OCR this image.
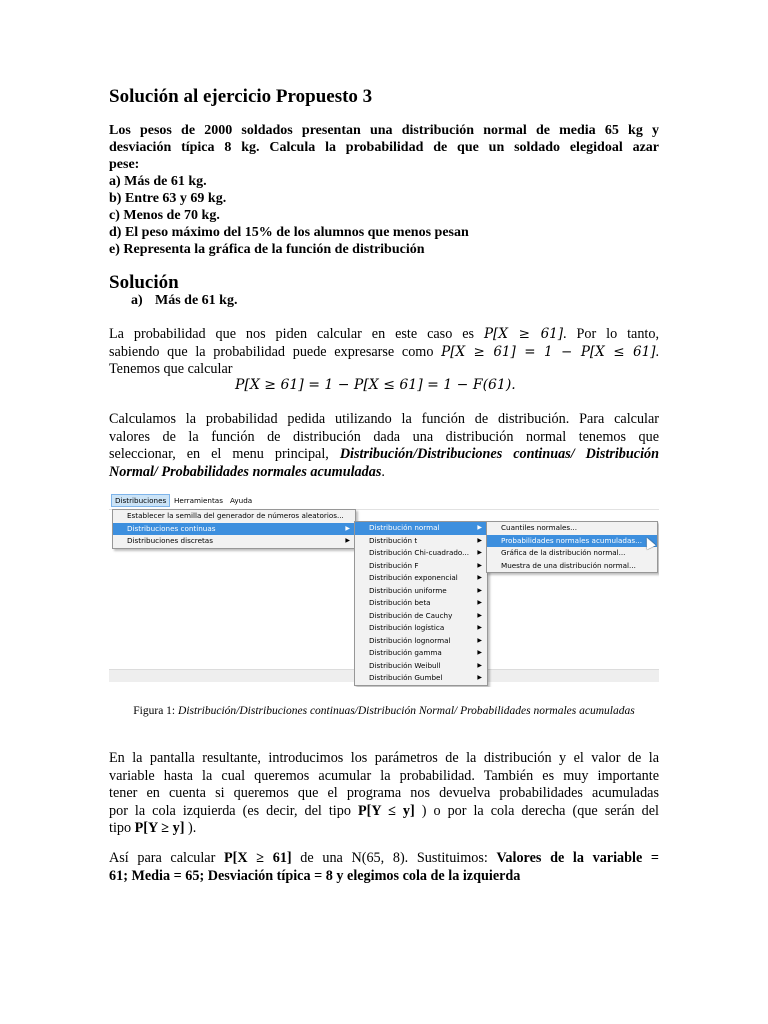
Solución al ejercicio Propuesto 3
Los pesos de 2000 soldados presentan una distribución normal de media 65 kg y
desviación típica 8 kg. Calcula la probabilidad de que un soldado elegidoal azar
pese:
a) Más de 61 kg.
b) Entre 63 y 69 kg.
c) Menos de 70 kg.
d) El peso máximo del 15% de los alumnos que menos pesan
e) Representa la gráfica de la función de distribución
Solución
a) Más de 61 kg.
La probabilidad que nos piden calcular en este caso es P[X ≥ 61]. Por lo tanto,
sabiendo que la probabilidad puede expresarse como P[X ≥ 61] = 1 − P[X ≤ 61].
Tenemos que calcular
P[X ≥ 61] = 1 − P[X ≤ 61] = 1 − F(61).
Calculamos la probabilidad pedida utilizando la función de distribución. Para calcular
valores de la función de distribución dada una distribución normal tenemos que
seleccionar, en el menu principal, Distribución/Distribuciones continuas/ Distribución
Normal/ Probabilidades normales acumuladas.
Distribuciones	Herramientas Ayuda
Establecer la semilla del generador de números aleatorios...
Distribuciones continuas	▶
Distribuciones discretas	▶
Distribución normal	▶
Distribución t	▶
Distribución Chi-cuadrado... ▶
Distribución F	▶
Distribución exponencial	▶
Distribución uniforme	▶
Distribución beta	▶
Distribución de Cauchy	▶
Distribución logística	▶
Distribución lognormal	▶
Distribución gamma	▶
Distribución Weibull	▶
Distribución Gumbel	▶
Cuantiles normales...
Probabilidades normales acumuladas...
Gráfica de la distribución normal...
Muestra de una distribución normal...
Figura 1: Distribución/Distribuciones continuas/Distribución Normal/ Probabilidades normales acumuladas
En la pantalla resultante, introducimos los parámetros de la distribución y el valor de la
variable hasta la cual queremos acumular la probabilidad. También es muy importante
tener en cuenta si queremos que el programa nos devuelva probabilidades acumuladas
por la cola izquierda (es decir, del tipo P[Y ≤ y] ) o por la cola derecha (que serán del
tipo P[Y ≥ y] ).
Así para calcular P[X ≥ 61] de una N(65, 8). Sustituimos: Valores de la variable =
61; Media = 65; Desviación típica = 8 y elegimos cola de la izquierda
